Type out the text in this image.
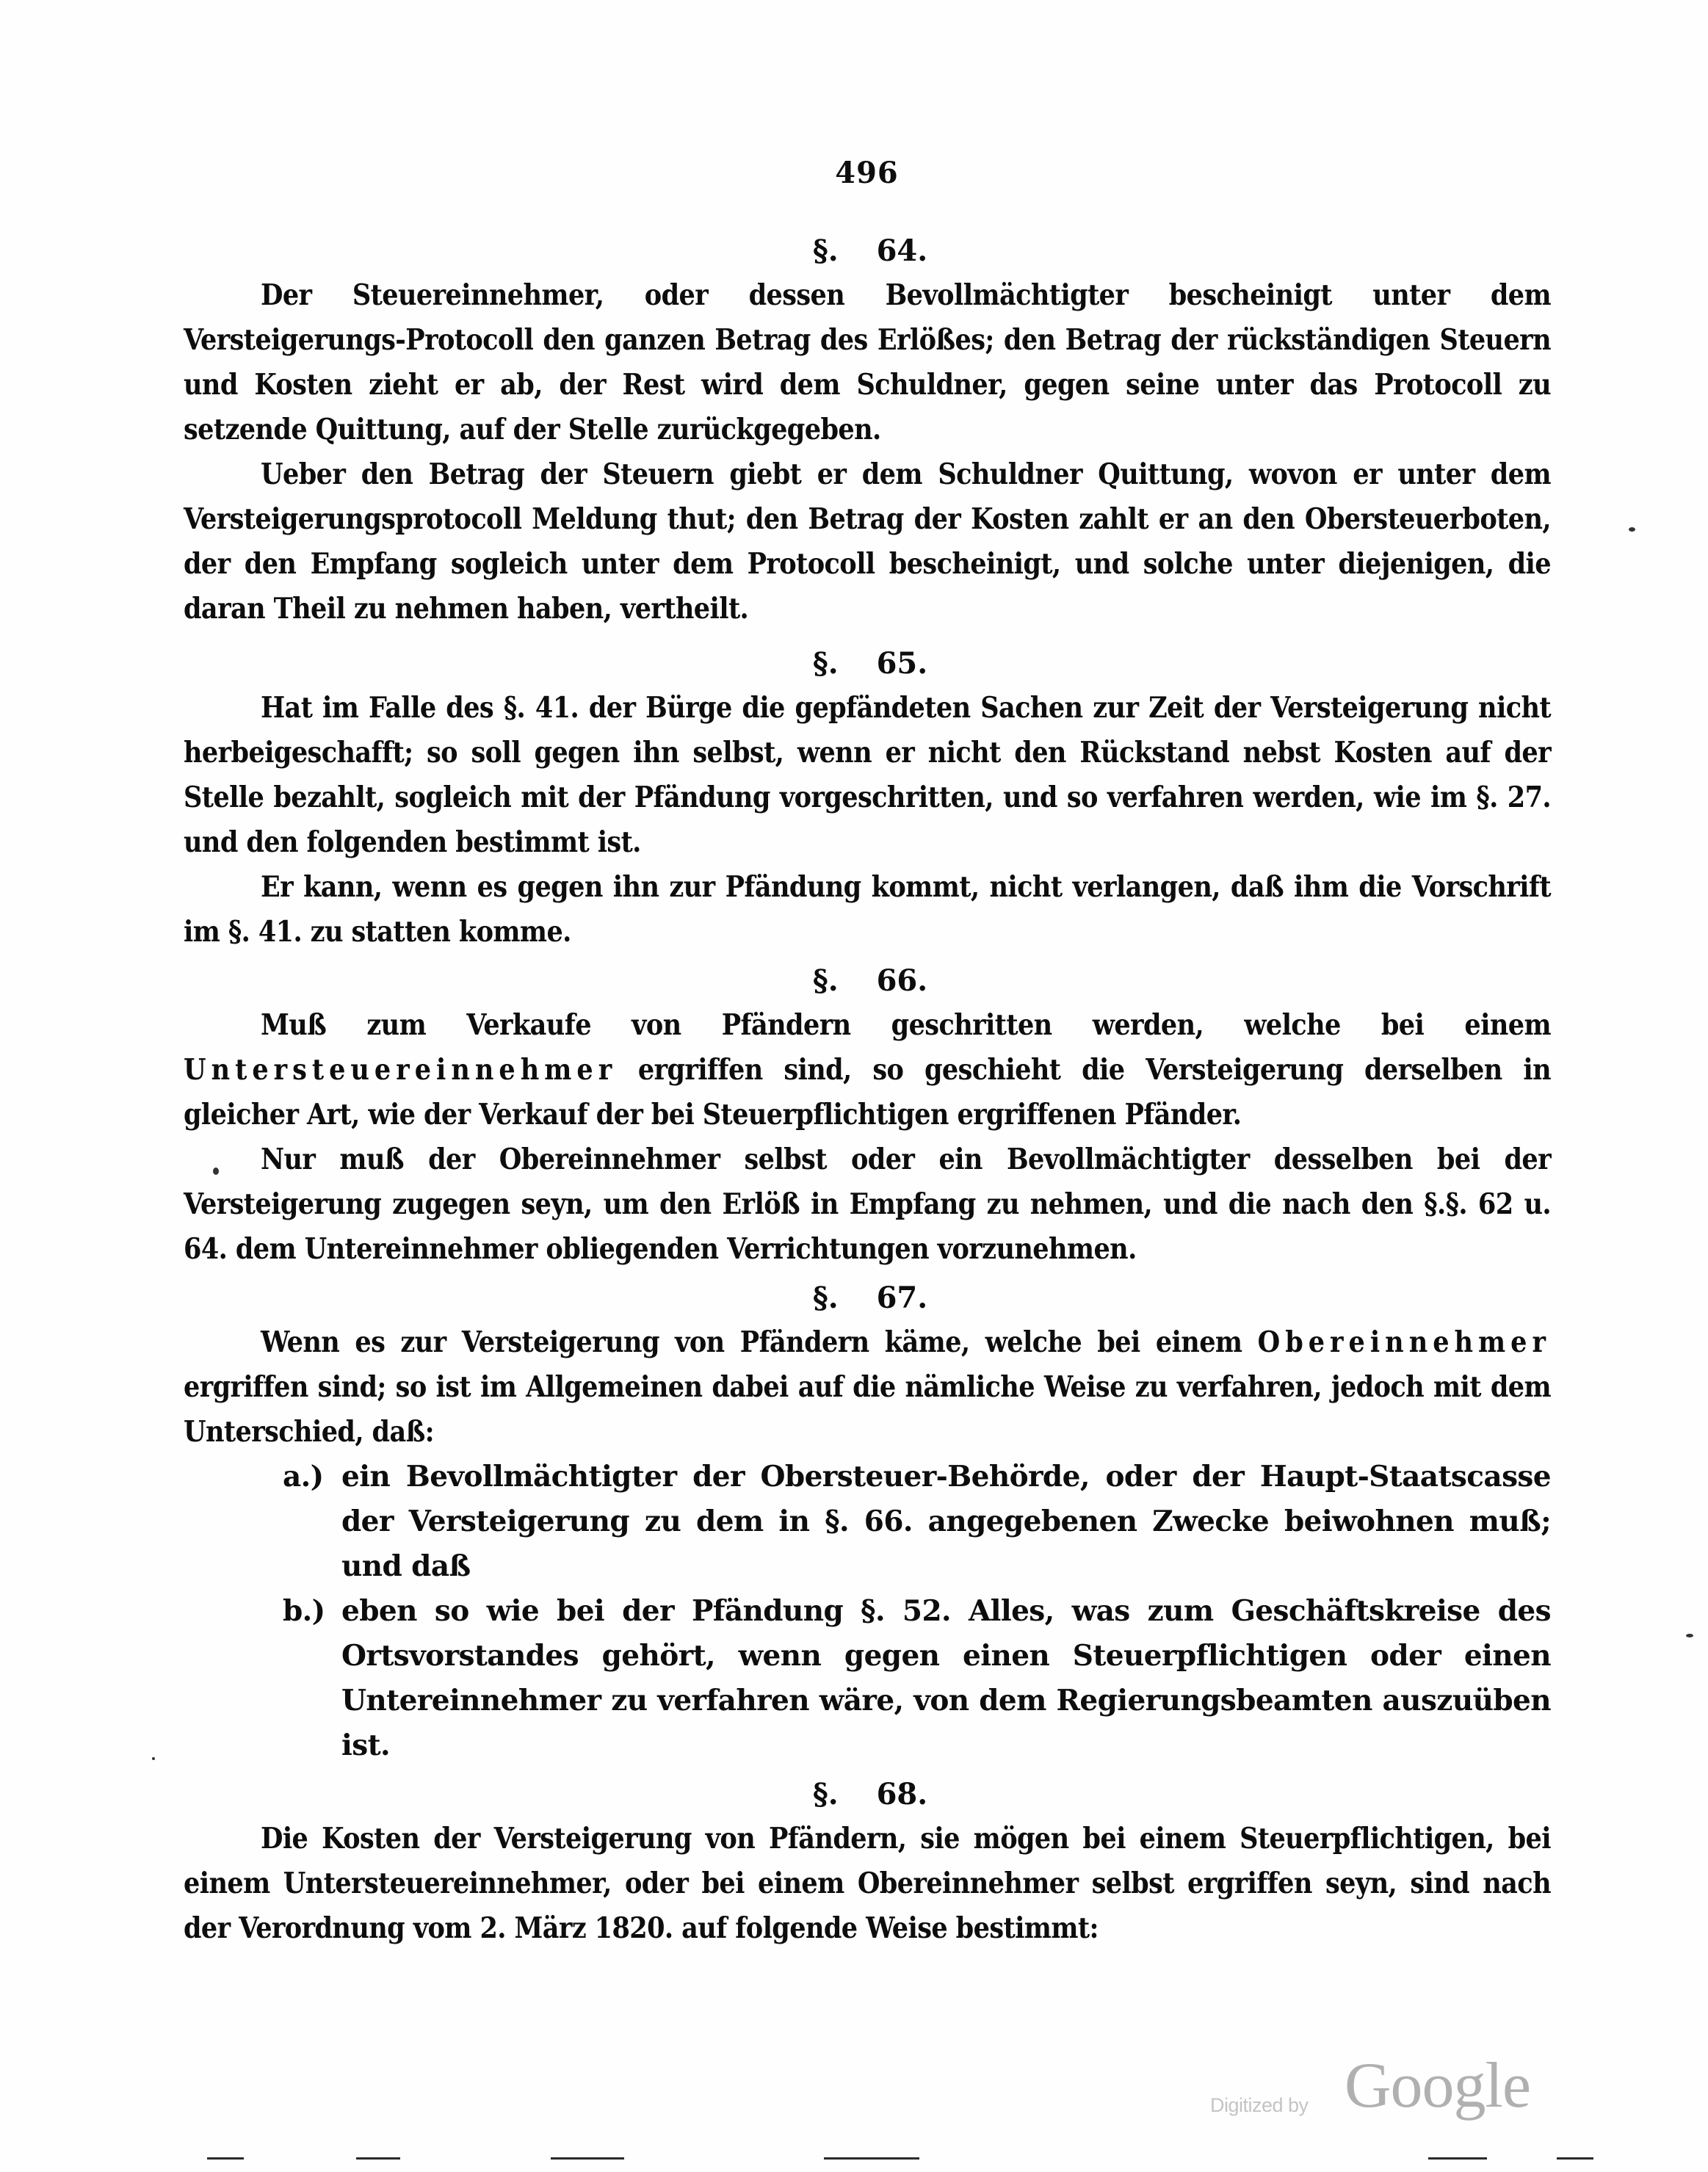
496
§. 64.

Der Steuereinnehmer, oder dessen Bevollmächtigter bescheinigt unter dem Versteigerungs-Protocoll den ganzen Betrag des Erlößes; den Betrag der rückständigen Steuern und Kosten zieht er ab, der Rest wird dem Schuldner, gegen seine unter das Protocoll zu setzende Quittung, auf der Stelle zurückgegeben.

Ueber den Betrag der Steuern giebt er dem Schuldner Quittung, wovon er unter dem Versteigerungsprotocoll Meldung thut; den Betrag der Kosten zahlt er an den Obersteuerboten, der den Empfang sogleich unter dem Protocoll bescheinigt, und solche unter diejenigen, die daran Theil zu nehmen haben, vertheilt.

§. 65.

Hat im Falle des §. 41. der Bürge die gepfändeten Sachen zur Zeit der Versteigerung nicht herbeigeschafft; so soll gegen ihn selbst, wenn er nicht den Rückstand nebst Kosten auf der Stelle bezahlt, sogleich mit der Pfändung vorgeschritten, und so verfahren werden, wie im §. 27. und den folgenden bestimmt ist.

Er kann, wenn es gegen ihn zur Pfändung kommt, nicht verlangen, daß ihm die Vorschrift im §. 41. zu statten komme.

§. 66.

Muß zum Verkaufe von Pfändern geschritten werden, welche bei einem Untersteuereinnehmer ergriffen sind, so geschieht die Versteigerung derselben in gleicher Art, wie der Verkauf der bei Steuerpflichtigen ergriffenen Pfänder.

Nur muß der Obereinnehmer selbst oder ein Bevollmächtigter desselben bei der Versteigerung zugegen seyn, um den Erlöß in Empfang zu nehmen, und die nach den §.§. 62 u. 64. dem Untereinnehmer obliegenden Verrichtungen vorzunehmen.

§. 67.

Wenn es zur Versteigerung von Pfändern käme, welche bei einem Obereinnehmer ergriffen sind; so ist im Allgemeinen dabei auf die nämliche Weise zu verfahren, jedoch mit dem Unterschied, daß:

a.) ein Bevollmächtigter der Obersteuer-Behörde, oder der Haupt-Staatscasse der Versteigerung zu dem in §. 66. angegebenen Zwecke beiwohnen muß; und daß
b.) eben so wie bei der Pfändung §. 52. Alles, was zum Geschäftskreise des Ortsvorstandes gehört, wenn gegen einen Steuerpflichtigen oder einen Untereinnehmer zu verfahren wäre, von dem Regierungsbeamten auszuüben ist.
§. 68.

Die Kosten der Versteigerung von Pfändern, sie mögen bei einem Steuerpflichtigen, bei einem Untersteuereinnehmer, oder bei einem Obereinnehmer selbst ergriffen seyn, sind nach der Verordnung vom 2. März 1820. auf folgende Weise bestimmt:

Digitized by Google
